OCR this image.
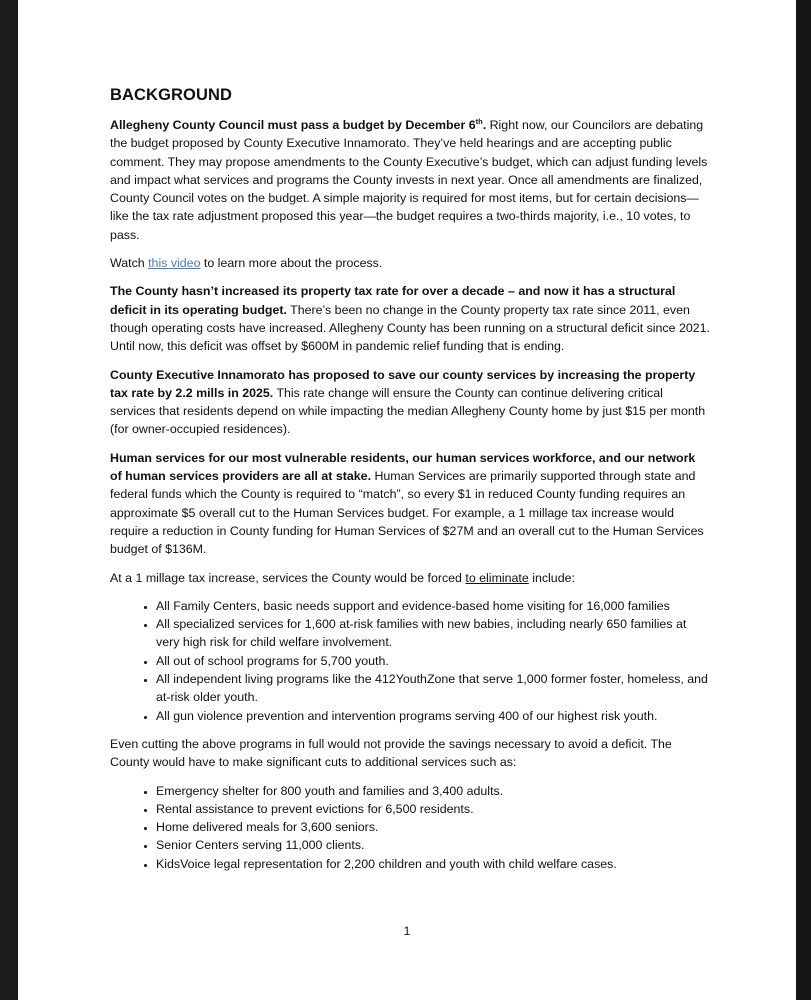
BACKGROUND

Allegheny County Council must pass a budget by December 6th. Right now, our Councilors are debating the budget proposed by County Executive Innamorato. They’ve held hearings and are accepting public comment. They may propose amendments to the County Executive’s budget, which can adjust funding levels and impact what services and programs the County invests in next year. Once all amendments are finalized, County Council votes on the budget. A simple majority is required for most items, but for certain decisions—like the tax rate adjustment proposed this year—the budget requires a two-thirds majority, i.e., 10 votes, to pass.

Watch this video to learn more about the process.

The County hasn’t increased its property tax rate for over a decade – and now it has a structural deficit in its operating budget. There’s been no change in the County property tax rate since 2011, even though operating costs have increased. Allegheny County has been running on a structural deficit since 2021. Until now, this deficit was offset by $600M in pandemic relief funding that is ending.

County Executive Innamorato has proposed to save our county services by increasing the property tax rate by 2.2 mills in 2025. This rate change will ensure the County can continue delivering critical services that residents depend on while impacting the median Allegheny County home by just $15 per month (for owner-occupied residences).

Human services for our most vulnerable residents, our human services workforce, and our network of human services providers are all at stake. Human Services are primarily supported through state and federal funds which the County is required to “match”, so every $1 in reduced County funding requires an approximate $5 overall cut to the Human Services budget. For example, a 1 millage tax increase would require a reduction in County funding for Human Services of $27M and an overall cut to the Human Services budget of $136M.

At a 1 millage tax increase, services the County would be forced to eliminate include:

• All Family Centers, basic needs support and evidence-based home visiting for 16,000 families
• All specialized services for 1,600 at-risk families with new babies, including nearly 650 families at very high risk for child welfare involvement.
• All out of school programs for 5,700 youth.
• All independent living programs like the 412YouthZone that serve 1,000 former foster, homeless, and at-risk older youth.
• All gun violence prevention and intervention programs serving 400 of our highest risk youth.

Even cutting the above programs in full would not provide the savings necessary to avoid a deficit. The County would have to make significant cuts to additional services such as:

• Emergency shelter for 800 youth and families and 3,400 adults.
• Rental assistance to prevent evictions for 6,500 residents.
• Home delivered meals for 3,600 seniors.
• Senior Centers serving 11,000 clients.
• KidsVoice legal representation for 2,200 children and youth with child welfare cases.
1
